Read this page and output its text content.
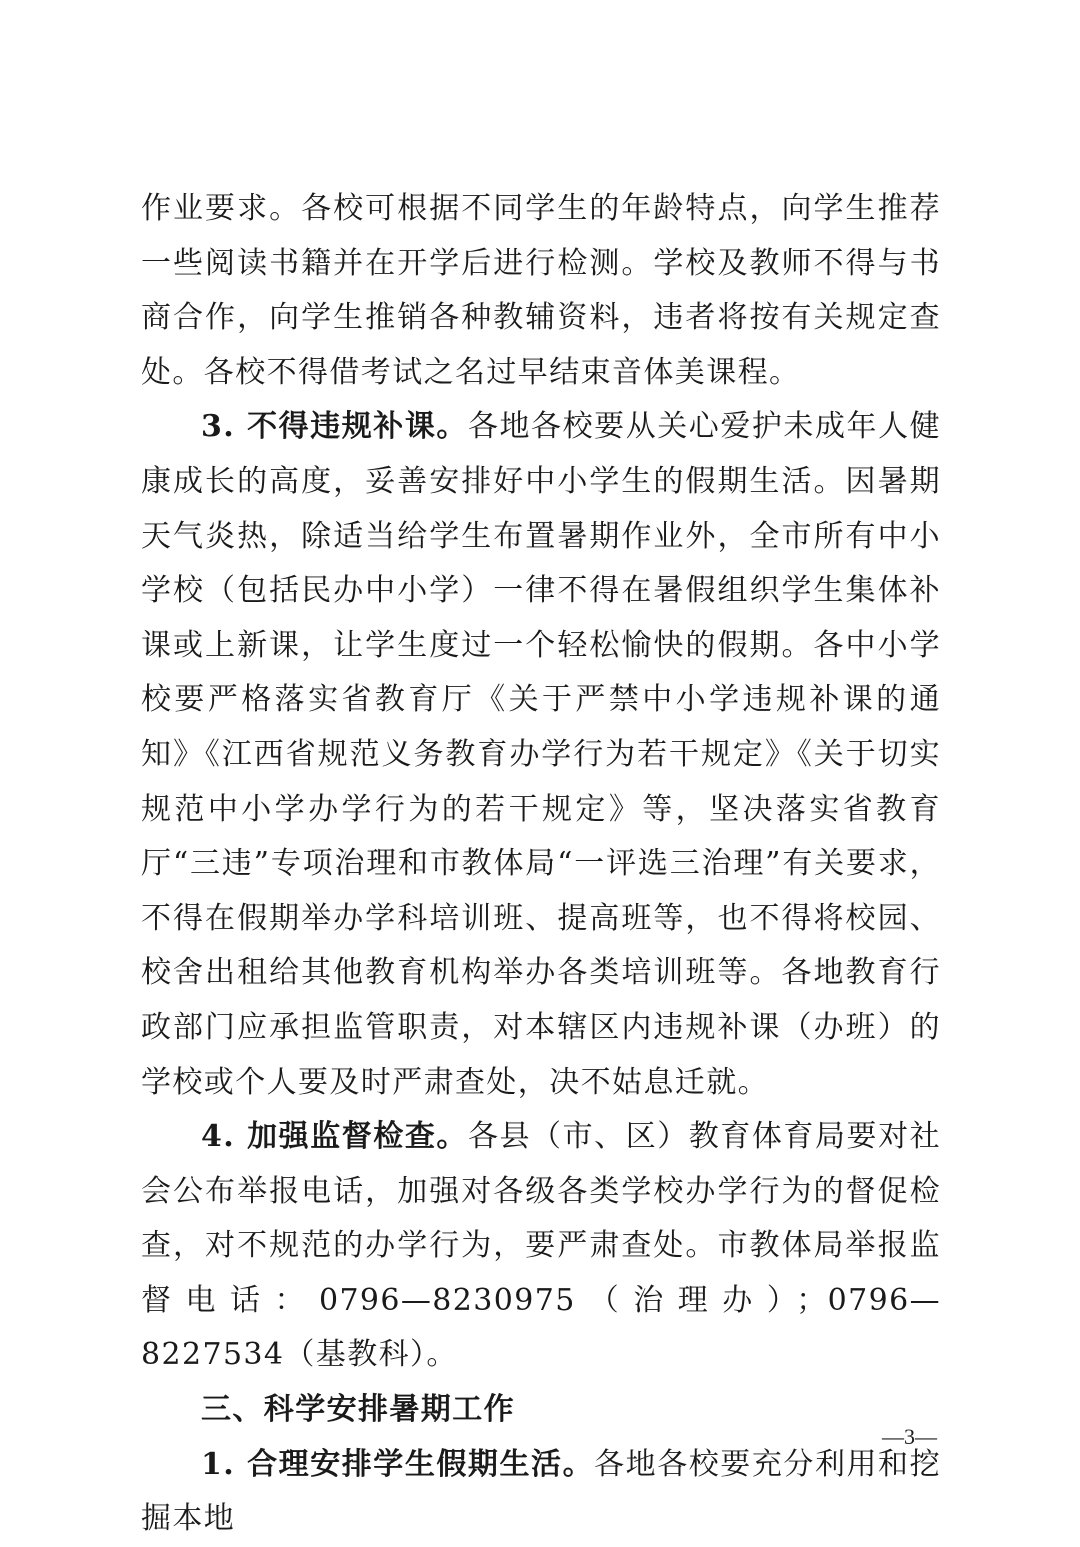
作业要求。各校可根据不同学生的年龄特点，向学生推荐一些阅读书籍并在开学后进行检测。学校及教师不得与书商合作，向学生推销各种教辅资料，违者将按有关规定查处。各校不得借考试之名过早结束音体美课程。

3. 不得违规补课。各地各校要从关心爱护未成年人健康成长的高度，妥善安排好中小学生的假期生活。因暑期天气炎热，除适当给学生布置暑期作业外，全市所有中小学校（包括民办中小学）一律不得在暑假组织学生集体补课或上新课，让学生度过一个轻松愉快的假期。各中小学校要严格落实省教育厅《关于严禁中小学违规补课的通知》《江西省规范义务教育办学行为若干规定》《关于切实规范中小学办学行为的若干规定》等，坚决落实省教育厅“三违”专项治理和市教体局“一评选三治理”有关要求，不得在假期举办学科培训班、提高班等，也不得将校园、校舍出租给其他教育机构举办各类培训班等。各地教育行政部门应承担监管职责，对本辖区内违规补课（办班）的学校或个人要及时严肃查处，决不姑息迁就。

4. 加强监督检查。各县（市、区）教育体育局要对社会公布举报电话，加强对各级各类学校办学行为的督促检查，对不规范的办学行为，要严肃查处。市教体局举报监督电话：0796—8230975（治理办）；0796—8227534（基教科）。

三、科学安排暑期工作

1. 合理安排学生假期生活。各地各校要充分利用和挖掘本地

—3—
